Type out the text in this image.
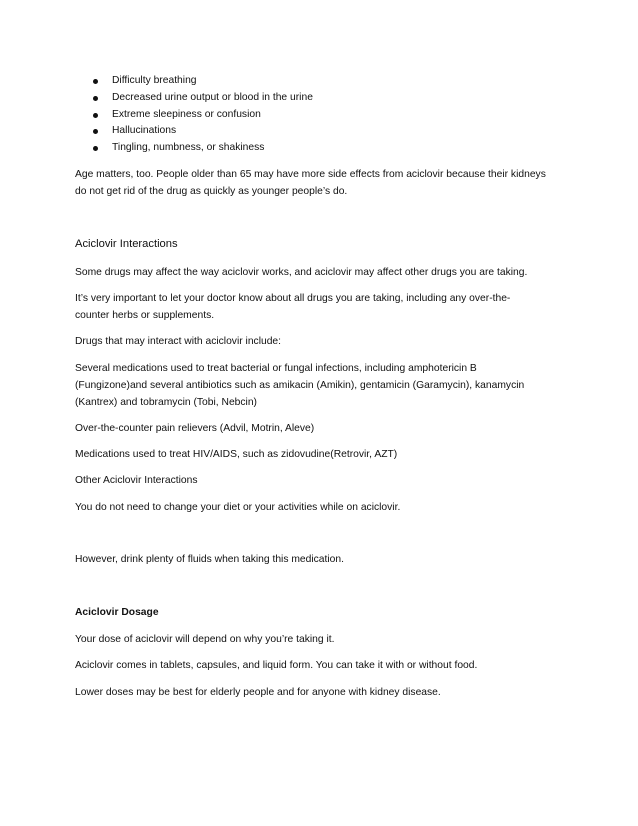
Difficulty breathing
Decreased urine output or blood in the urine
Extreme sleepiness or confusion
Hallucinations
Tingling, numbness, or shakiness

Age matters, too. People older than 65 may have more side effects from aciclovir because their kidneys
do not get rid of the drug as quickly as younger people’s do.

Aciclovir Interactions

Some drugs may affect the way aciclovir works, and aciclovir may affect other drugs you are taking.

It’s very important to let your doctor know about all drugs you are taking, including any over-the-
counter herbs or supplements.

Drugs that may interact with aciclovir include:

Several medications used to treat bacterial or fungal infections, including amphotericin B
(Fungizone)and several antibiotics such as amikacin (Amikin), gentamicin (Garamycin), kanamycin
(Kantrex) and tobramycin (Tobi, Nebcin)

Over-the-counter pain relievers (Advil, Motrin, Aleve)

Medications used to treat HIV/AIDS, such as zidovudine(Retrovir, AZT)

Other Aciclovir Interactions

You do not need to change your diet or your activities while on aciclovir.

However, drink plenty of fluids when taking this medication.

Aciclovir Dosage

Your dose of aciclovir will depend on why you’re taking it.

Aciclovir comes in tablets, capsules, and liquid form. You can take it with or without food.

Lower doses may be best for elderly people and for anyone with kidney disease.
